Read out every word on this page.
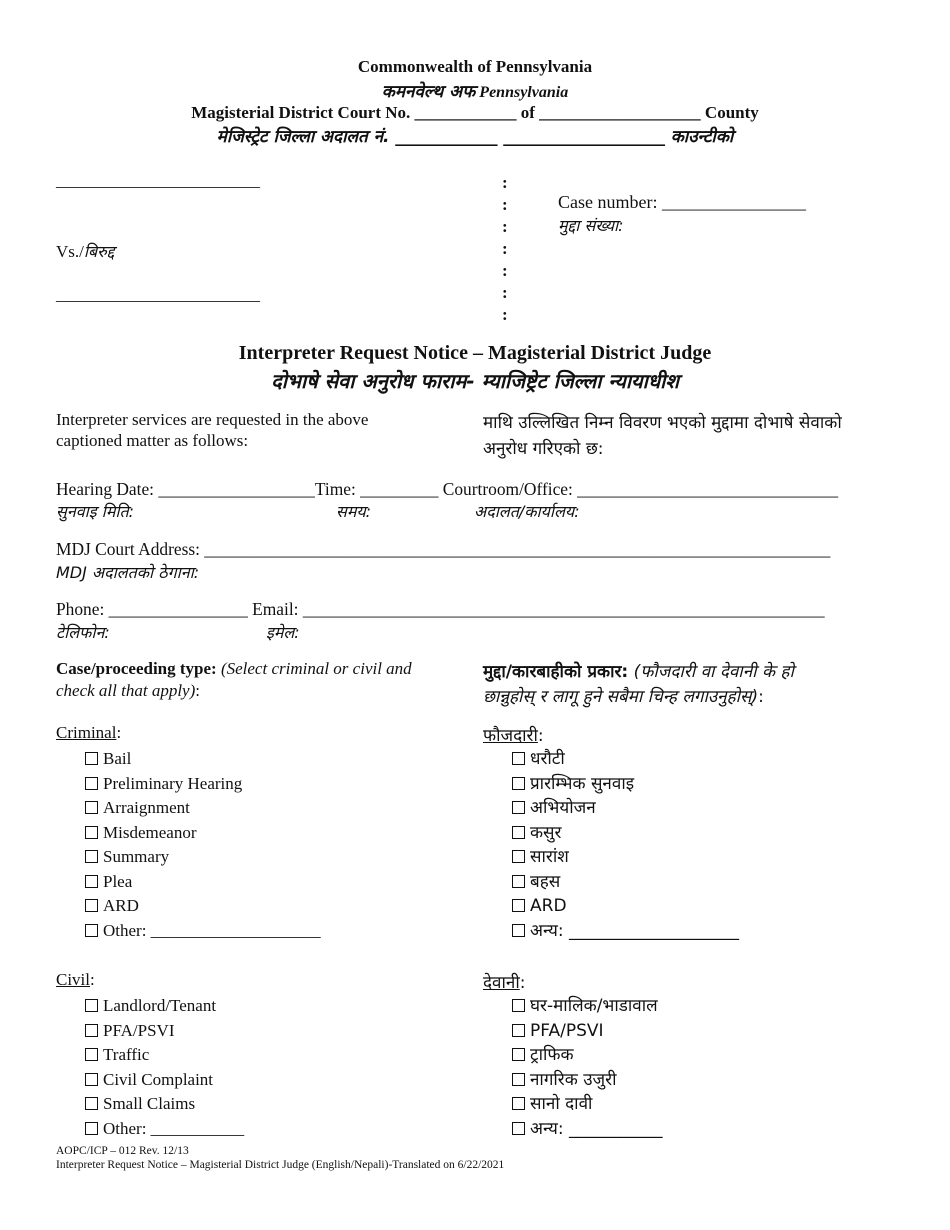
Commonwealth of Pennsylvania
कमनवेल्थ अफ Pennsylvania
Magisterial District Court No. ____________ of ___________________ County
मेजिस्ट्रेट जिल्ला अदालत नं. ____________ ___________________ काउन्टीको
________________________
Vs./बिरुद्द
________________________
:
:
:
:
:
:
:
Case number: ________________
मुद्दा संख्या:
Interpreter Request Notice – Magisterial District Judge
दोभाषे सेवा अनुरोध फाराम- म्याजिष्ट्रेट जिल्ला न्यायाधीश
Interpreter services are requested in the above
captioned matter as follows:
माथि उल्लिखित निम्न विवरण भएको मुद्दामा दोभाषे सेवाको
अनुरोध गरिएको छ:
Hearing Date: __________________Time: _________ Courtroom/Office: ______________________________
सुनवाइ मिति:	समय:	अदालत/कार्यालय:
MDJ Court Address: ________________________________________________________________________
MDJ अदालतको ठेगाना:
Phone: ________________ Email: ____________________________________________________________
टेलिफोन:	इमेल:
Case/proceeding type: (Select criminal or civil and
check all that apply):
मुद्दा/कारबाहीको प्रकार: (फौजदारी वा देवानी के हो
छान्नुहोस् र लागू हुने सबैमा चिन्ह लगाउनुहोस्):
Criminal:	फौजदारी:
Bail
Preliminary Hearing
Arraignment
Misdemeanor
Summary
Plea
ARD
Other: ____________________
धरौटी
प्रारम्भिक सुनवाइ
अभियोजन
कसुर
सारांश
बहस
ARD
अन्य: ____________________
Civil:	देवानी:
Landlord/Tenant
PFA/PSVI
Traffic
Civil Complaint
Small Claims
Other: ___________
घर-मालिक/भाडावाल
PFA/PSVI
ट्राफिक
नागरिक उजुरी
सानो दावी
अन्य: ___________
AOPC/ICP – 012 Rev. 12/13
Interpreter Request Notice – Magisterial District Judge (English/Nepali)-Translated on 6/22/2021
